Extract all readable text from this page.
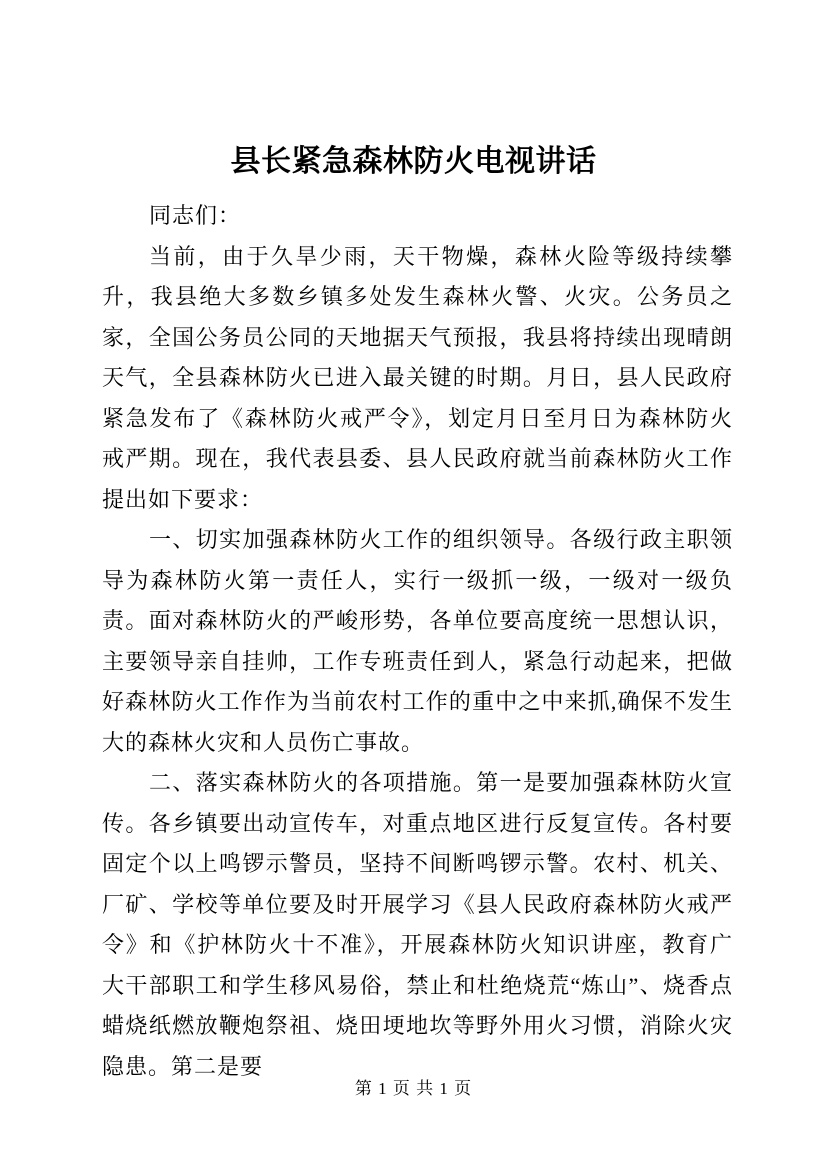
县长紧急森林防火电视讲话

同志们：

当前，由于久旱少雨，天干物燥，森林火险等级持续攀升，我县绝大多数乡镇多处发生森林火警、火灾。公务员之家，全国公务员公同的天地据天气预报，我县将持续出现晴朗天气，全县森林防火已进入最关键的时期。月日，县人民政府紧急发布了《森林防火戒严令》，划定月日至月日为森林防火戒严期。现在，我代表县委、县人民政府就当前森林防火工作提出如下要求：

一、切实加强森林防火工作的组织领导。各级行政主职领导为森林防火第一责任人，实行一级抓一级，一级对一级负责。面对森林防火的严峻形势，各单位要高度统一思想认识，主要领导亲自挂帅，工作专班责任到人，紧急行动起来，把做好森林防火工作作为当前农村工作的重中之中来抓,确保不发生大的森林火灾和人员伤亡事故。

二、落实森林防火的各项措施。第一是要加强森林防火宣传。各乡镇要出动宣传车，对重点地区进行反复宣传。各村要固定个以上鸣锣示警员，坚持不间断鸣锣示警。农村、机关、厂矿、学校等单位要及时开展学习《县人民政府森林防火戒严令》和《护林防火十不准》，开展森林防火知识讲座，教育广大干部职工和学生移风易俗，禁止和杜绝烧荒“炼山”、烧香点蜡烧纸燃放鞭炮祭祖、烧田埂地坎等野外用火习惯，消除火灾隐患。第二是要

第 1 页 共 1 页
